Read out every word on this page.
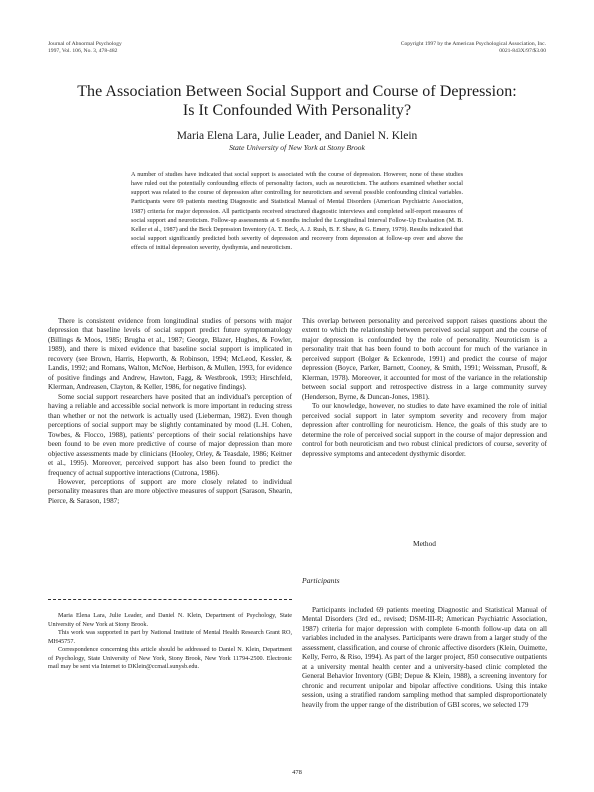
Journal of Abnormal Psychology
1997, Vol. 106, No. 3, 478-482
Copyright 1997 by the American Psychological Association, Inc.
0021-843X/97/$3.00
The Association Between Social Support and Course of Depression:
Is It Confounded With Personality?
Maria Elena Lara, Julie Leader, and Daniel N. Klein
State University of New York at Stony Brook

A number of studies have indicated that social support is associated with the course of depression. However, none of these studies have ruled out the potentially confounding effects of personality factors, such as neuroticism. The authors examined whether social support was related to the course of depression after controlling for neuroticism and several possible confounding clinical variables. Participants were 69 patients meeting Diagnostic and Statistical Manual of Mental Disorders (American Psychiatric Association, 1987) criteria for major depression. All participants received structured diagnostic interviews and completed self-report measures of social support and neuroticism. Follow-up assessments at 6 months included the Longitudinal Interval Follow-Up Evaluation (M. B. Keller et al., 1987) and the Beck Depression Inventory (A. T. Beck, A. J. Rush, B. F. Shaw, & G. Emery, 1979). Results indicated that social support significantly predicted both severity of depression and recovery from depression at follow-up over and above the effects of initial depression severity, dysthymia, and neuroticism.

There is consistent evidence from longitudinal studies of persons with major depression that baseline levels of social support predict future symptomatology (Billings & Moos, 1985; Brugha et al., 1987; George, Blazer, Hughes, & Fowler, 1989), and there is mixed evidence that baseline social support is implicated in recovery (see Brown, Harris, Hepworth, & Robinson, 1994; McLeod, Kessler, & Landis, 1992; and Romans, Walton, McNoe, Herbison, & Mullen, 1993, for evidence of positive findings and Andrew, Hawton, Fagg, & Westbrook, 1993; Hirschfeld, Klerman, Andreasen, Clayton, & Keller, 1986, for negative findings).

Some social support researchers have posited that an individual's perception of having a reliable and accessible social network is more important in reducing stress than whether or not the network is actually used (Lieberman, 1982). Even though perceptions of social support may be slightly contaminated by mood (L.H. Cohen, Towbes, & Flocco, 1988), patients' perceptions of their social relationships have been found to be even more predictive of course of major depression than more objective assessments made by clinicians (Hooley, Orley, & Teasdale, 1986; Keitner et al., 1995). Moreover, perceived support has also been found to predict the frequency of actual supportive interactions (Cutrona, 1986).

However, perceptions of support are more closely related to individual personality measures than are more objective measures of support (Sarason, Shearin, Pierce, & Sarason, 1987;

Maria Elena Lara, Julie Leader, and Daniel N. Klein, Department of Psychology, State University of New York at Stony Brook.

This work was supported in part by National Institute of Mental Health Research Grant RO, MH45757.

Correspondence concerning this article should be addressed to Daniel N. Klein, Department of Psychology, State University of New York, Stony Brook, New York 11794-2500. Electronic mail may be sent via Internet to DKlein@ccmail.sunysb.edu.

This overlap between personality and perceived support raises questions about the extent to which the relationship between perceived social support and the course of major depression is confounded by the role of personality. Neuroticism is a personality trait that has been found to both account for much of the variance in perceived support (Bolger & Eckenrode, 1991) and predict the course of major depression (Boyce, Parker, Barnett, Cooney, & Smith, 1991; Weissman, Prusoff, & Klerman, 1978). Moreover, it accounted for most of the variance in the relationship between social support and retrospective distress in a large community survey (Henderson, Byrne, & Duncan-Jones, 1981).

To our knowledge, however, no studies to date have examined the role of initial perceived social support in later symptom severity and recovery from major depression after controlling for neuroticism. Hence, the goals of this study are to determine the role of perceived social support in the course of major depression and control for both neuroticism and two robust clinical predictors of course, severity of depressive symptoms and antecedent dysthymic disorder.

Method
Participants

Participants included 69 patients meeting Diagnostic and Statistical Manual of Mental Disorders (3rd ed., revised; DSM-III-R; American Psychiatric Association, 1987) criteria for major depression with complete 6-month follow-up data on all variables included in the analyses. Participants were drawn from a larger study of the assessment, classification, and course of chronic affective disorders (Klein, Ouimette, Kelly, Ferro, & Riso, 1994). As part of the larger project, 850 consecutive outpatients at a university mental health center and a university-based clinic completed the General Behavior Inventory (GBI; Depue & Klein, 1988), a screening inventory for chronic and recurrent unipolar and bipolar affective conditions. Using this intake session, using a stratified random sampling method that sampled disproportionately heavily from the upper range of the distribution of GBI scores, we selected 179

478
